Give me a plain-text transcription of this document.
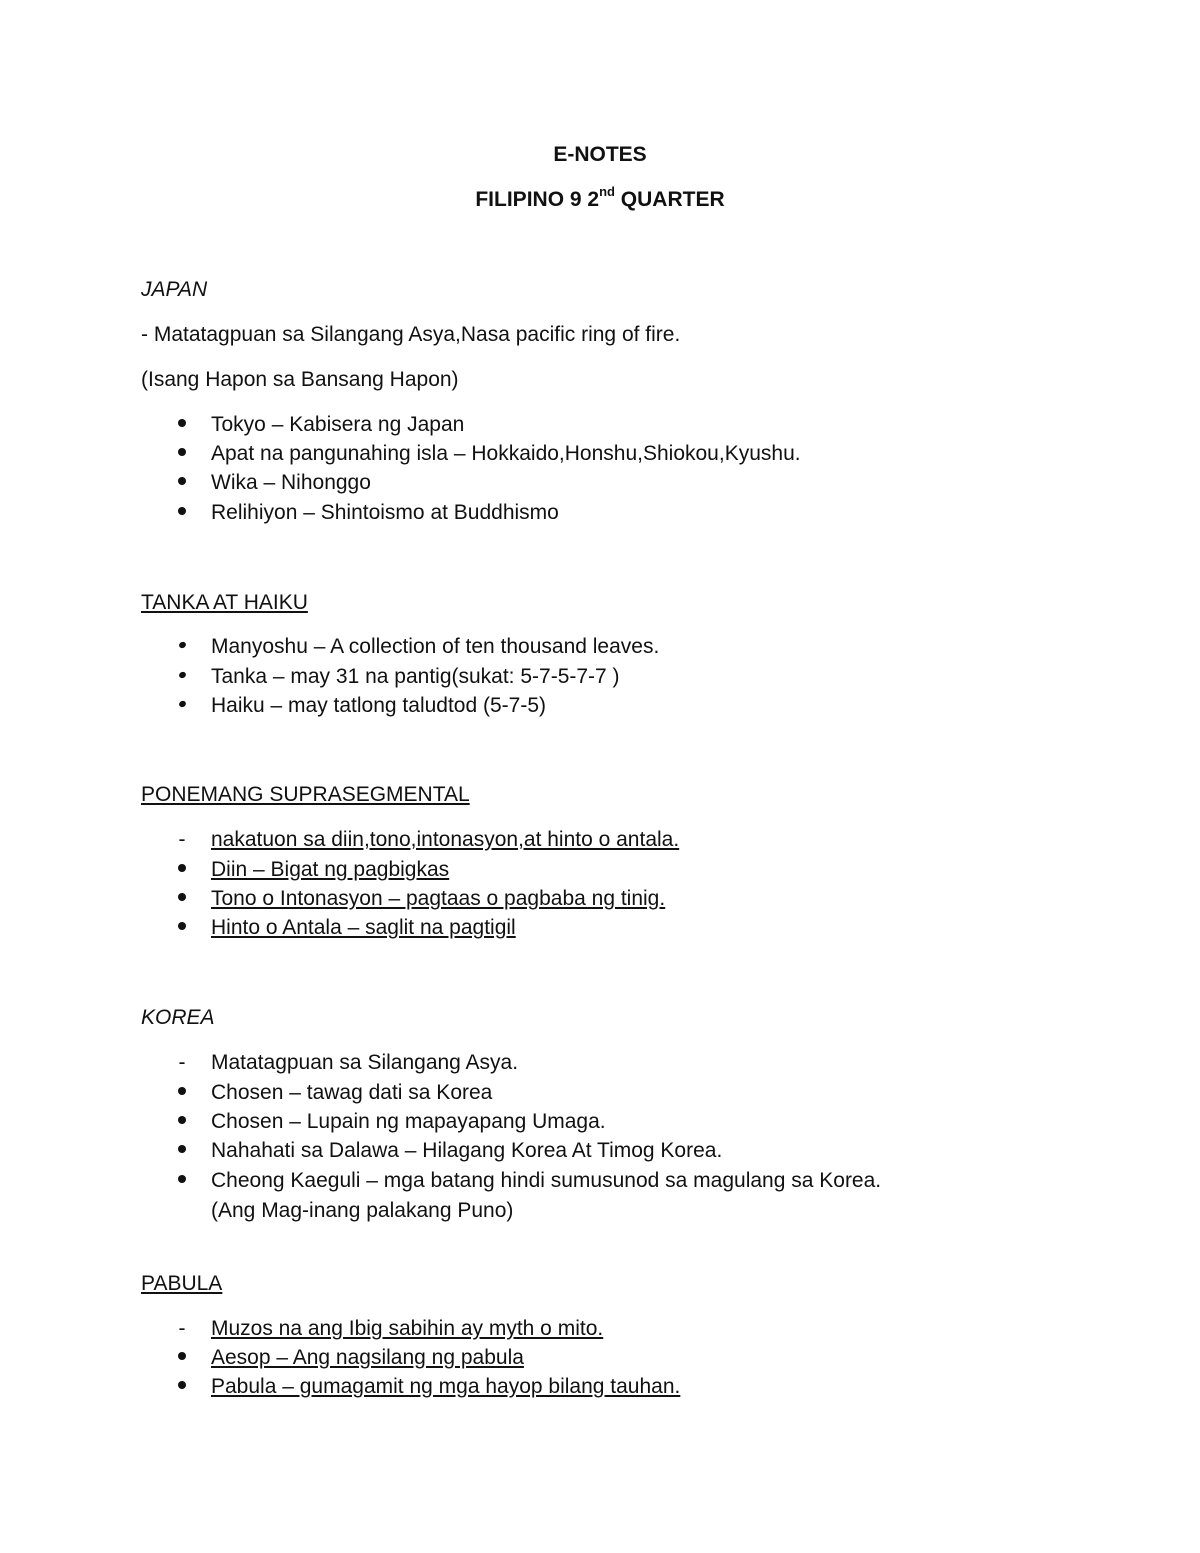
E-NOTES
FILIPINO 9 2nd QUARTER
JAPAN
- Matatagpuan sa Silangang Asya,Nasa pacific ring of fire.
(Isang Hapon sa Bansang Hapon)
Tokyo – Kabisera ng Japan
Apat na pangunahing isla – Hokkaido,Honshu,Shiokou,Kyushu.
Wika – Nihonggo
Relihiyon – Shintoismo at Buddhismo
TANKA AT HAIKU
Manyoshu – A collection of ten thousand leaves.
Tanka – may 31 na pantig(sukat: 5-7-5-7-7 )
Haiku – may tatlong taludtod (5-7-5)
PONEMANG SUPRASEGMENTAL
-	nakatuon sa diin,tono,intonasyon,at hinto o antala.
Diin – Bigat ng pagbigkas
Tono o Intonasyon – pagtaas o pagbaba ng tinig.
Hinto o Antala – saglit na pagtigil
KOREA
-	Matatagpuan sa Silangang Asya.
Chosen – tawag dati sa Korea
Chosen – Lupain ng mapayapang Umaga.
Nahahati sa Dalawa – Hilagang Korea At Timog Korea.
Cheong Kaeguli – mga batang hindi sumusunod sa magulang sa Korea.
(Ang Mag-inang palakang Puno)
PABULA
-	Muzos na ang Ibig sabihin ay myth o mito.
Aesop – Ang nagsilang ng pabula
Pabula – gumagamit ng mga hayop bilang tauhan.
